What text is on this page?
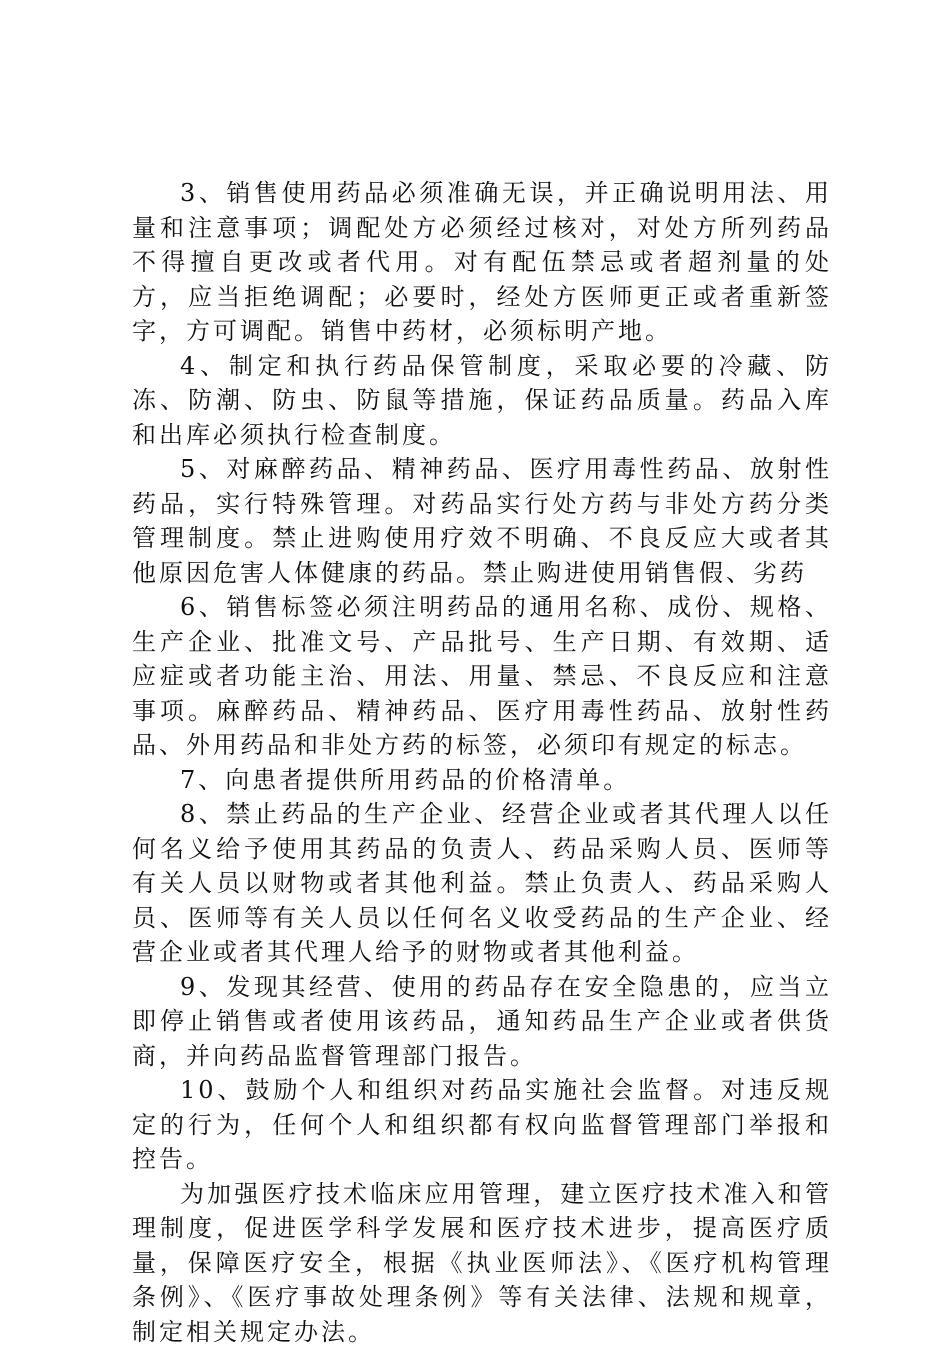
3、销售使用药品必须准确无误，并正确说明用法、用量和注意事项；调配处方必须经过核对，对处方所列药品不得擅自更改或者代用。对有配伍禁忌或者超剂量的处方，应当拒绝调配；必要时，经处方医师更正或者重新签字，方可调配。销售中药材，必须标明产地。

4、制定和执行药品保管制度，采取必要的冷藏、防冻、防潮、防虫、防鼠等措施，保证药品质量。药品入库和出库必须执行检查制度。

5、对麻醉药品、精神药品、医疗用毒性药品、放射性药品，实行特殊管理。对药品实行处方药与非处方药分类管理制度。禁止进购使用疗效不明确、不良反应大或者其他原因危害人体健康的药品。禁止购进使用销售假、劣药

6、销售标签必须注明药品的通用名称、成份、规格、生产企业、批准文号、产品批号、生产日期、有效期、适应症或者功能主治、用法、用量、禁忌、不良反应和注意事项。麻醉药品、精神药品、医疗用毒性药品、放射性药品、外用药品和非处方药的标签，必须印有规定的标志。

7、向患者提供所用药品的价格清单。

8、禁止药品的生产企业、经营企业或者其代理人以任何名义给予使用其药品的负责人、药品采购人员、医师等有关人员以财物或者其他利益。禁止负责人、药品采购人员、医师等有关人员以任何名义收受药品的生产企业、经营企业或者其代理人给予的财物或者其他利益。

9、发现其经营、使用的药品存在安全隐患的，应当立即停止销售或者使用该药品，通知药品生产企业或者供货商，并向药品监督管理部门报告。

10、鼓励个人和组织对药品实施社会监督。对违反规定的行为，任何个人和组织都有权向监督管理部门举报和控告。

为加强医疗技术临床应用管理，建立医疗技术准入和管理制度，促进医学科学发展和医疗技术进步，提高医疗质量，保障医疗安全，根据《执业医师法》、《医疗机构管理条例》、《医疗事故处理条例》等有关法律、法规和规章，制定相关规定办法。
